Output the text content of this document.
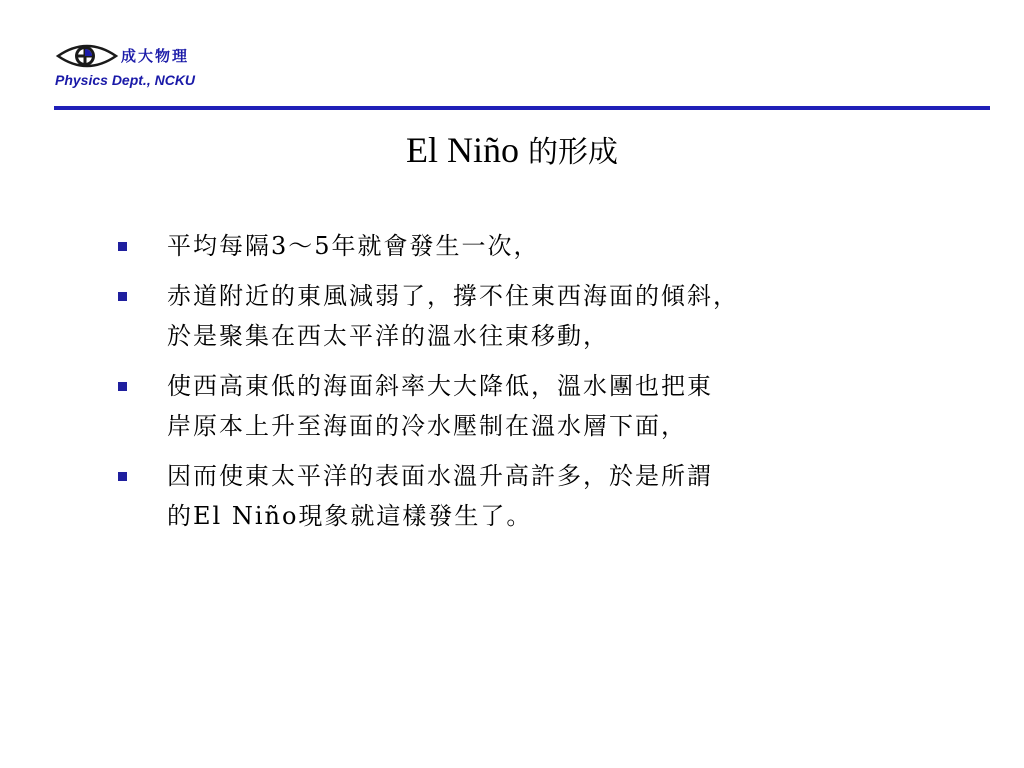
成大物理
Physics Dept., NCKU
El Niño 的形成
平均每隔3～5年就會發生一次，
赤道附近的東風減弱了，撐不住東西海面的傾斜，
於是聚集在西太平洋的溫水往東移動，
使西高東低的海面斜率大大降低，溫水團也把東
岸原本上升至海面的冷水壓制在溫水層下面，
因而使東太平洋的表面水溫升高許多，於是所謂
的El Niño現象就這樣發生了。
